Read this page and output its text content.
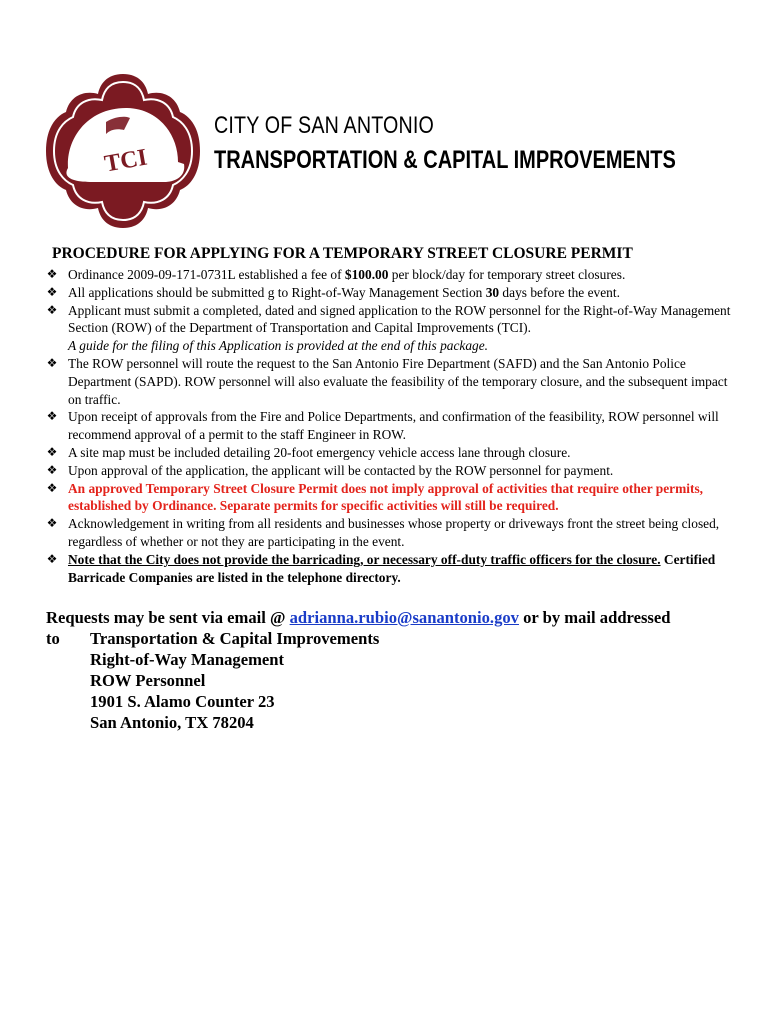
TCI
CITY OF SAN ANTONIO
TRANSPORTATION & CAPITAL IMPROVEMENTS
PROCEDURE FOR APPLYING FOR A TEMPORARY STREET CLOSURE PERMIT
❖ Ordinance 2009-09-171-0731L established a fee of $100.00 per block/day for temporary street closures.
❖ All applications should be submitted g to Right-of-Way Management Section 30 days before the event.
❖ Applicant must submit a completed, dated and signed application to the ROW personnel for the Right-of-Way Management Section (ROW) of the Department of Transportation and Capital Improvements (TCI).
A guide for the filing of this Application is provided at the end of this package.
❖ The ROW personnel will route the request to the San Antonio Fire Department (SAFD) and the San Antonio Police Department (SAPD). ROW personnel will also evaluate the feasibility of the temporary closure, and the subsequent impact on traffic.
❖ Upon receipt of approvals from the Fire and Police Departments, and confirmation of the feasibility, ROW personnel will recommend approval of a permit to the staff Engineer in ROW.
❖ A site map must be included detailing 20-foot emergency vehicle access lane through closure.
❖ Upon approval of the application, the applicant will be contacted by the ROW personnel for payment.
❖ An approved Temporary Street Closure Permit does not imply approval of activities that require other permits, established by Ordinance. Separate permits for specific activities will still be required.
❖ Acknowledgement in writing from all residents and businesses whose property or driveways front the street being closed, regardless of whether or not they are participating in the event.
❖ Note that the City does not provide the barricading, or necessary off-duty traffic officers for the closure. Certified Barricade Companies are listed in the telephone directory.
Requests may be sent via email @ adrianna.rubio@sanantonio.gov or by mail addressed
to	Transportation & Capital Improvements
Right-of-Way Management
ROW Personnel
1901 S. Alamo Counter 23
San Antonio, TX 78204
